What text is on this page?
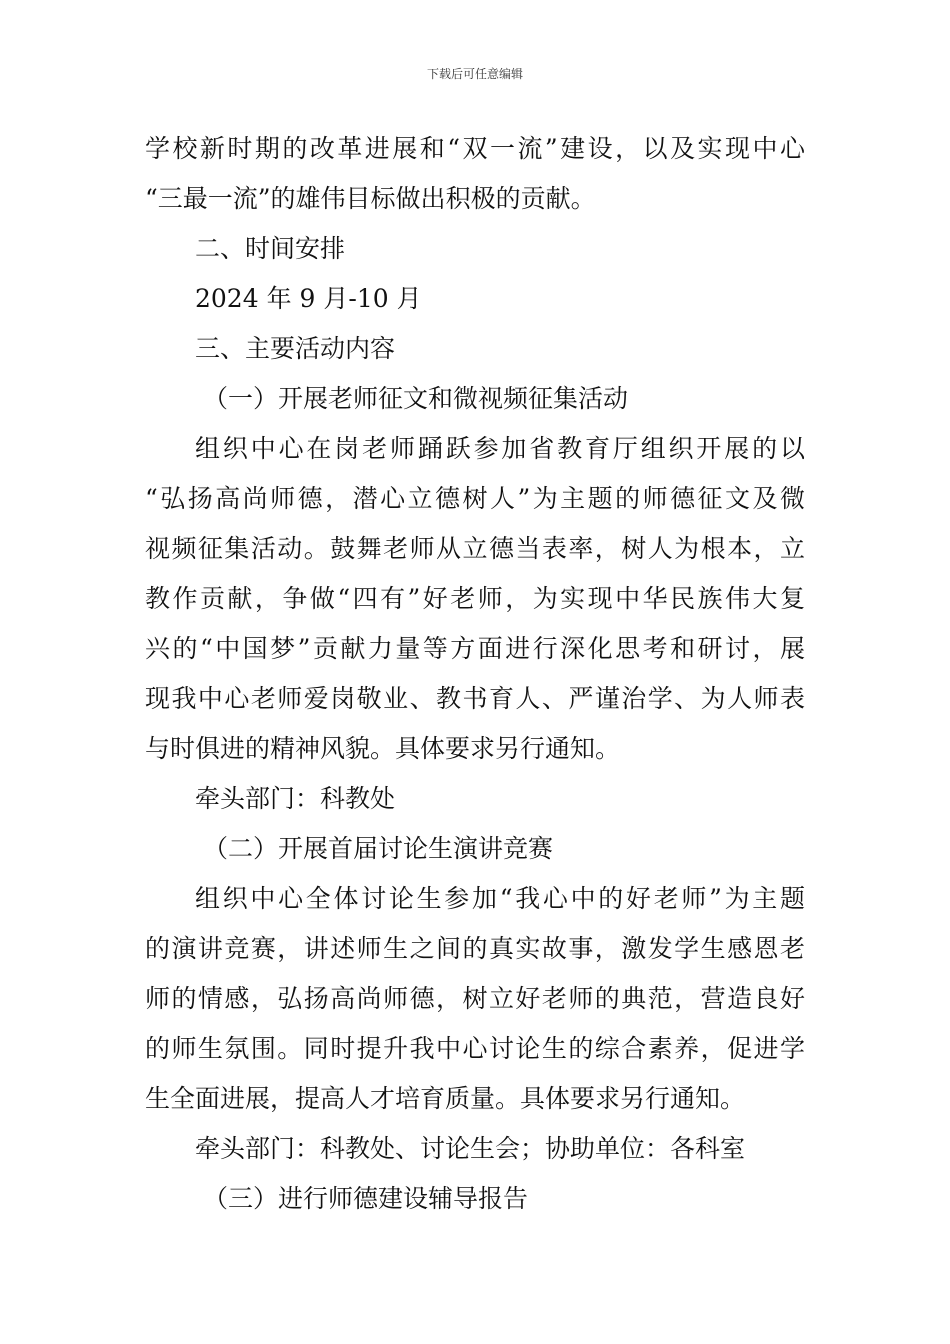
下载后可任意编辑
学校新时期的改革进展和“双一流”建设，以及实现中心
“三最一流”的雄伟目标做出积极的贡献。
二、时间安排
2024 年 9 月-10 月
三、主要活动内容
（一）开展老师征文和微视频征集活动
组织中心在岗老师踊跃参加省教育厅组织开展的以
“弘扬高尚师德，潜心立德树人”为主题的师德征文及微
视频征集活动。鼓舞老师从立德当表率，树人为根本，立
教作贡献，争做“四有”好老师，为实现中华民族伟大复
兴的“中国梦”贡献力量等方面进行深化思考和研讨，展
现我中心老师爱岗敬业、教书育人、严谨治学、为人师表
与时俱进的精神风貌。具体要求另行通知。
牵头部门：科教处
（二）开展首届讨论生演讲竞赛
组织中心全体讨论生参加“我心中的好老师”为主题
的演讲竞赛，讲述师生之间的真实故事，激发学生感恩老
师的情感，弘扬高尚师德，树立好老师的典范，营造良好
的师生氛围。同时提升我中心讨论生的综合素养，促进学
生全面进展，提高人才培育质量。具体要求另行通知。
牵头部门：科教处、讨论生会；协助单位：各科室
（三）进行师德建设辅导报告
